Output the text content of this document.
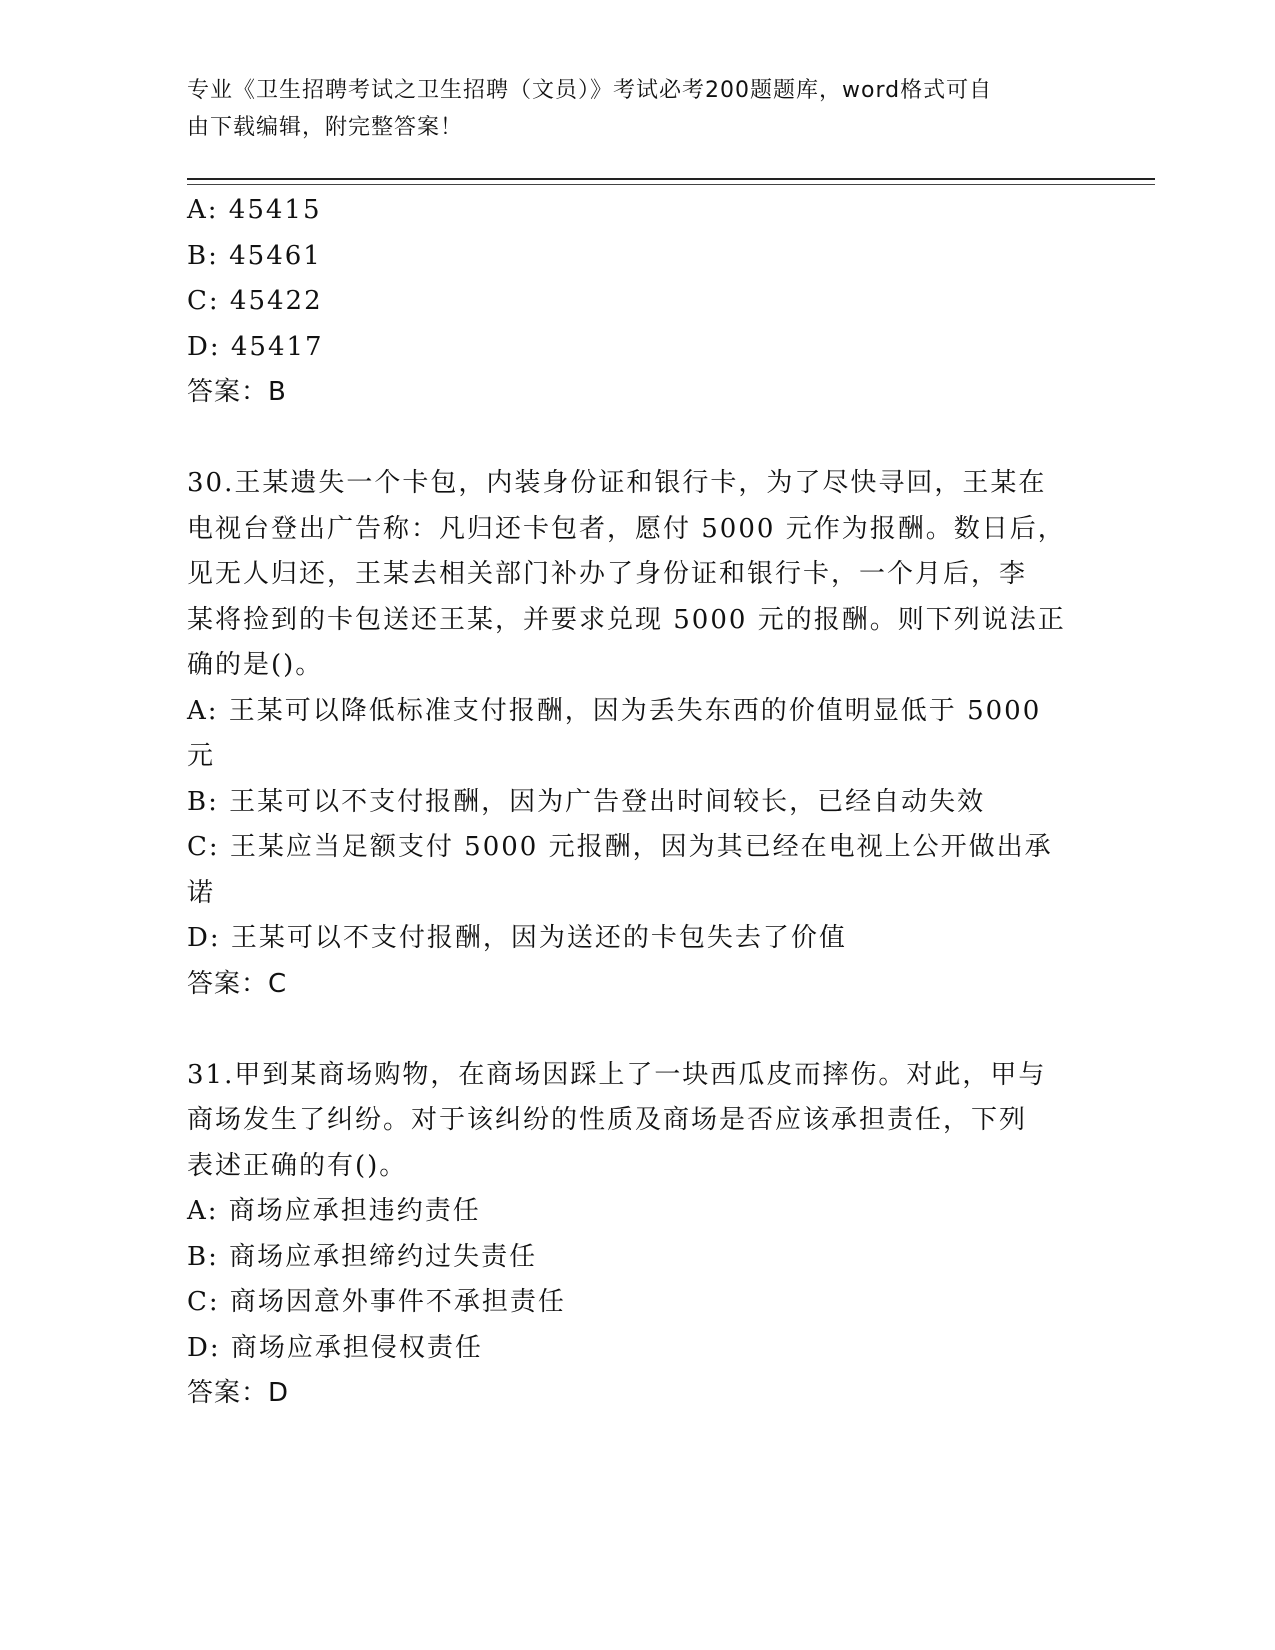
专业《卫生招聘考试之卫生招聘（文员）》考试必考200题题库，word格式可自
由下载编辑，附完整答案！
A: 45415
B: 45461
C: 45422
D: 45417
答案：B
30.王某遗失一个卡包，内装身份证和银行卡，为了尽快寻回，王某在
电视台登出广告称：凡归还卡包者，愿付 5000 元作为报酬。数日后，
见无人归还，王某去相关部门补办了身份证和银行卡，一个月后，李
某将捡到的卡包送还王某，并要求兑现 5000 元的报酬。则下列说法正
确的是()。
A: 王某可以降低标准支付报酬，因为丢失东西的价值明显低于 5000
元
B: 王某可以不支付报酬，因为广告登出时间较长，已经自动失效
C: 王某应当足额支付 5000 元报酬，因为其已经在电视上公开做出承
诺
D: 王某可以不支付报酬，因为送还的卡包失去了价值
答案：C
31.甲到某商场购物，在商场因踩上了一块西瓜皮而摔伤。对此，甲与
商场发生了纠纷。对于该纠纷的性质及商场是否应该承担责任，下列
表述正确的有()。
A: 商场应承担违约责任
B: 商场应承担缔约过失责任
C: 商场因意外事件不承担责任
D: 商场应承担侵权责任
答案：D
